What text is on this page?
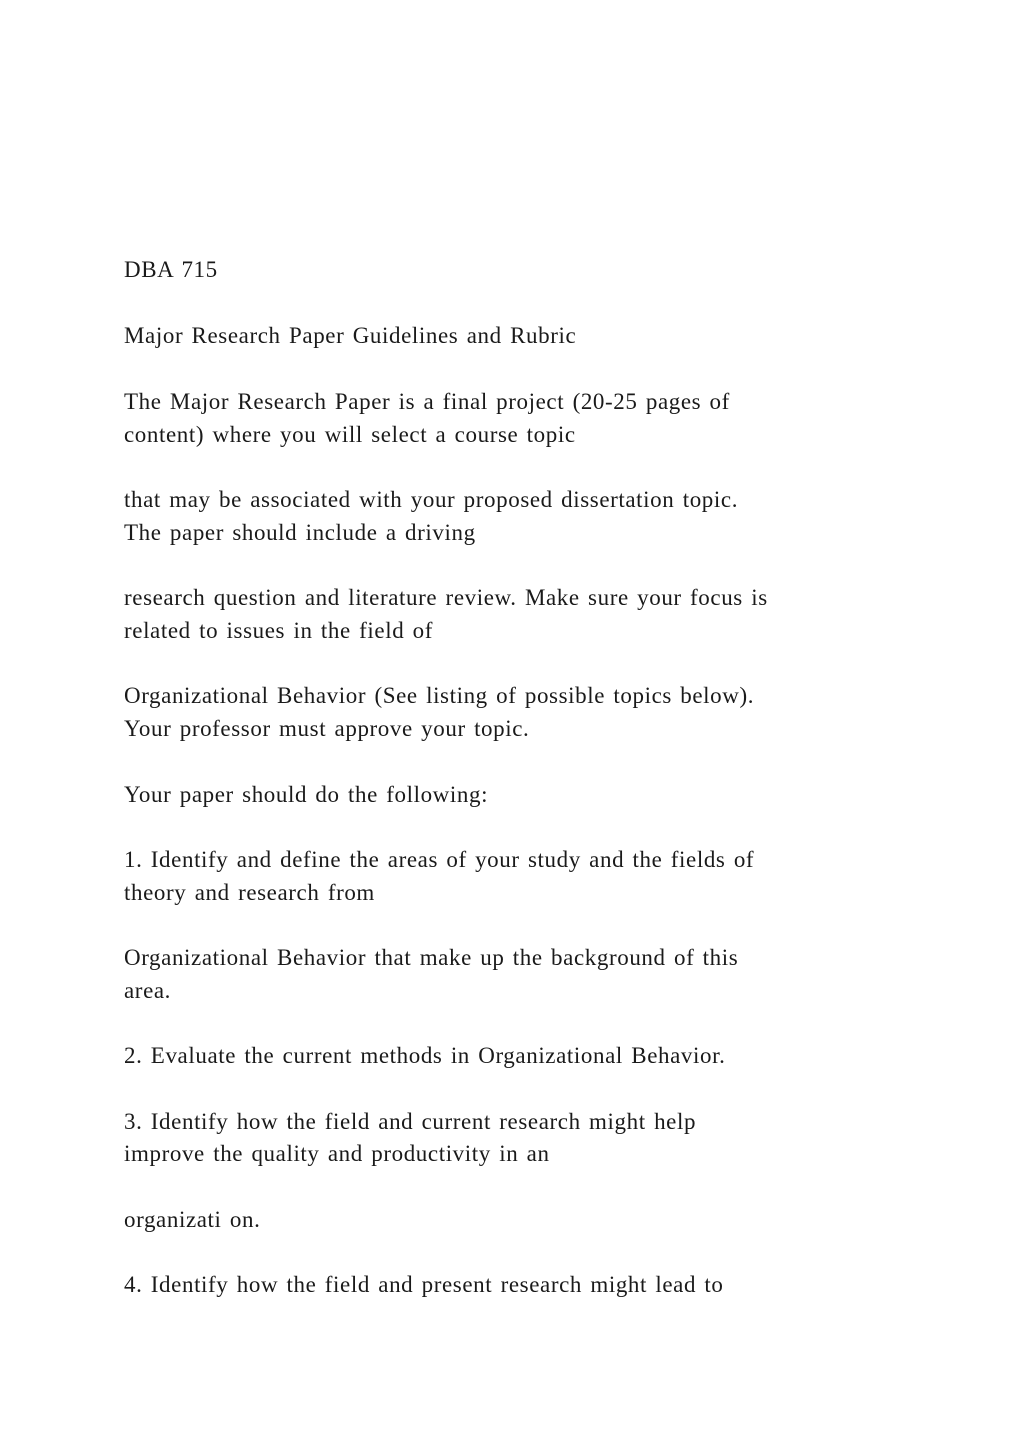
DBA 715
Major Research Paper Guidelines and Rubric
The Major Research Paper is a final project (20-25 pages of
content) where you will select a course topic
that may be associated with your proposed dissertation topic.
The paper should include a driving
research question and literature review. Make sure your focus is
related to issues in the field of
Organizational Behavior (See listing of possible topics below).
Your professor must approve your topic.
Your paper should do the following:
1. Identify and define the areas of your study and the fields of
theory and research from
Organizational Behavior that make up the background of this
area.
2. Evaluate the current methods in Organizational Behavior.
3. Identify how the field and current research might help
improve the quality and productivity in an
organizati on.
4. Identify how the field and present research might lead to
